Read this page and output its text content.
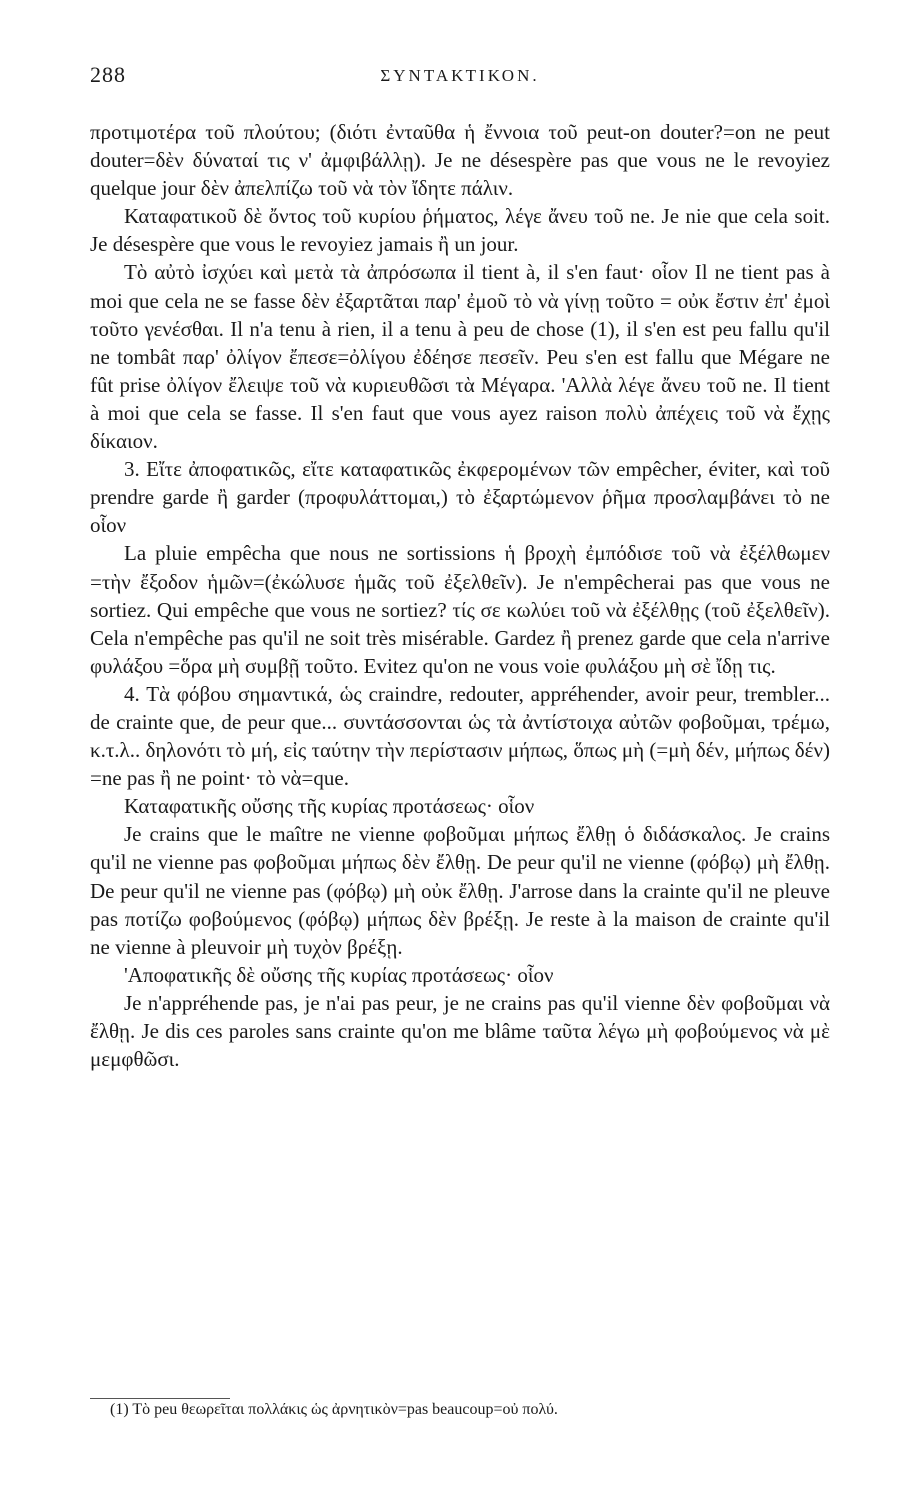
288	ΣΥΝΤΑΚΤΙΚΟΝ.

προτιμοτέρα τοῦ πλούτου; (διότι ἐνταῦθα ἡ ἔννοια τοῦ peut-on douter?=on ne peut douter=δὲν δύναταί τις ν' ἀμφιβάλλῃ). Je ne désespère pas que vous ne le revoyiez quelque jour δὲν ἀπελπίζω τοῦ νὰ τὸν ἴδητε πάλιν.

Καταφατικοῦ δὲ ὄντος τοῦ κυρίου ῥήματος, λέγε ἄνευ τοῦ ne. Je nie que cela soit. Je désespère que vous le revoyiez jamais ἢ un jour.

Τὸ αὐτὸ ἰσχύει καὶ μετὰ τὰ ἀπρόσωπα il tient à, il s'en faut· οἷον Il ne tient pas à moi que cela ne se fasse δὲν ἐξαρτᾶται παρ' ἐμοῦ τὸ νὰ γίνῃ τοῦτο = οὐκ ἔστιν ἐπ' ἐμοὶ τοῦτο γενέσθαι. Il n'a tenu à rien, il a tenu à peu de chose (1), il s'en est peu fallu qu'il ne tombât παρ' ὀλίγον ἔπεσε=ὀλίγου ἐδέησε πεσεῖν. Peu s'en est fallu que Mégare ne fût prise ὀλίγον ἔλειψε τοῦ νὰ κυριευθῶσι τὰ Μέγαρα. 'Αλλὰ λέγε ἄνευ τοῦ ne. Il tient à moi que cela se fasse. Il s'en faut que vous ayez raison πολὺ ἀπέχεις τοῦ νὰ ἔχῃς δίκαιον.

3. Εἴτε ἀποφατικῶς, εἴτε καταφατικῶς ἐκφερομένων τῶν empêcher, éviter, καὶ τοῦ prendre garde ἢ garder (προφυλάττομαι,) τὸ ἐξαρτώμενον ῥῆμα προσλαμβάνει τὸ ne οἷον

La pluie empêcha que nous ne sortissions ἡ βροχὴ ἐμπόδισε τοῦ νὰ ἐξέλθωμεν =τὴν ἔξοδον ἡμῶν=(ἐκώλυσε ἡμᾶς τοῦ ἐξελθεῖν). Je n'empêcherai pas que vous ne sortiez. Qui empêche que vous ne sortiez? τίς σε κωλύει τοῦ νὰ ἐξέλθῃς (τοῦ ἐξελθεῖν). Cela n'empêche pas qu'il ne soit très misérable. Gardez ἢ prenez garde que cela n'arrive φυλάξου =ὅρα μὴ συμβῇ τοῦτο. Evitez qu'on ne vous voie φυλάξου μὴ σὲ ἴδῃ τις.

4. Τὰ φόβου σημαντικά, ὡς craindre, redouter, appréhender, avoir peur, trembler... de crainte que, de peur que... συντάσσονται ὡς τὰ ἀντίστοιχα αὐτῶν φοβοῦμαι, τρέμω, κ.τ.λ.. δηλονότι τὸ μή, εἰς ταύτην τὴν περίστασιν μήπως, ὅπως μὴ (=μὴ δέν, μήπως δέν) =ne pas ἢ ne point· τὸ νὰ=que.

Καταφατικῆς οὔσης τῆς κυρίας προτάσεως· οἷον

Je crains que le maître ne vienne φοβοῦμαι μήπως ἔλθῃ ὁ διδάσκαλος. Je crains qu'il ne vienne pas φοβοῦμαι μήπως δὲν ἔλθῃ. De peur qu'il ne vienne (φόβῳ) μὴ ἔλθῃ. De peur qu'il ne vienne pas (φόβῳ) μὴ οὐκ ἔλθῃ. J'arrose dans la crainte qu'il ne pleuve pas ποτίζω φοβούμενος (φόβῳ) μήπως δὲν βρέξῃ. Je reste à la maison de crainte qu'il ne vienne à pleuvoir μὴ τυχὸν βρέξῃ.

'Αποφατικῆς δὲ οὔσης τῆς κυρίας προτάσεως· οἷον

Je n'appréhende pas, je n'ai pas peur, je ne crains pas qu'il vienne δὲν φοβοῦμαι νὰ ἔλθῃ. Je dis ces paroles sans crainte qu'on me blâme ταῦτα λέγω μὴ φοβούμενος νὰ μὲ μεμφθῶσι.

(1) Τὸ peu θεωρεῖται πολλάκις ὡς ἀρνητικὸν=pas beaucoup=οὐ πολύ.
